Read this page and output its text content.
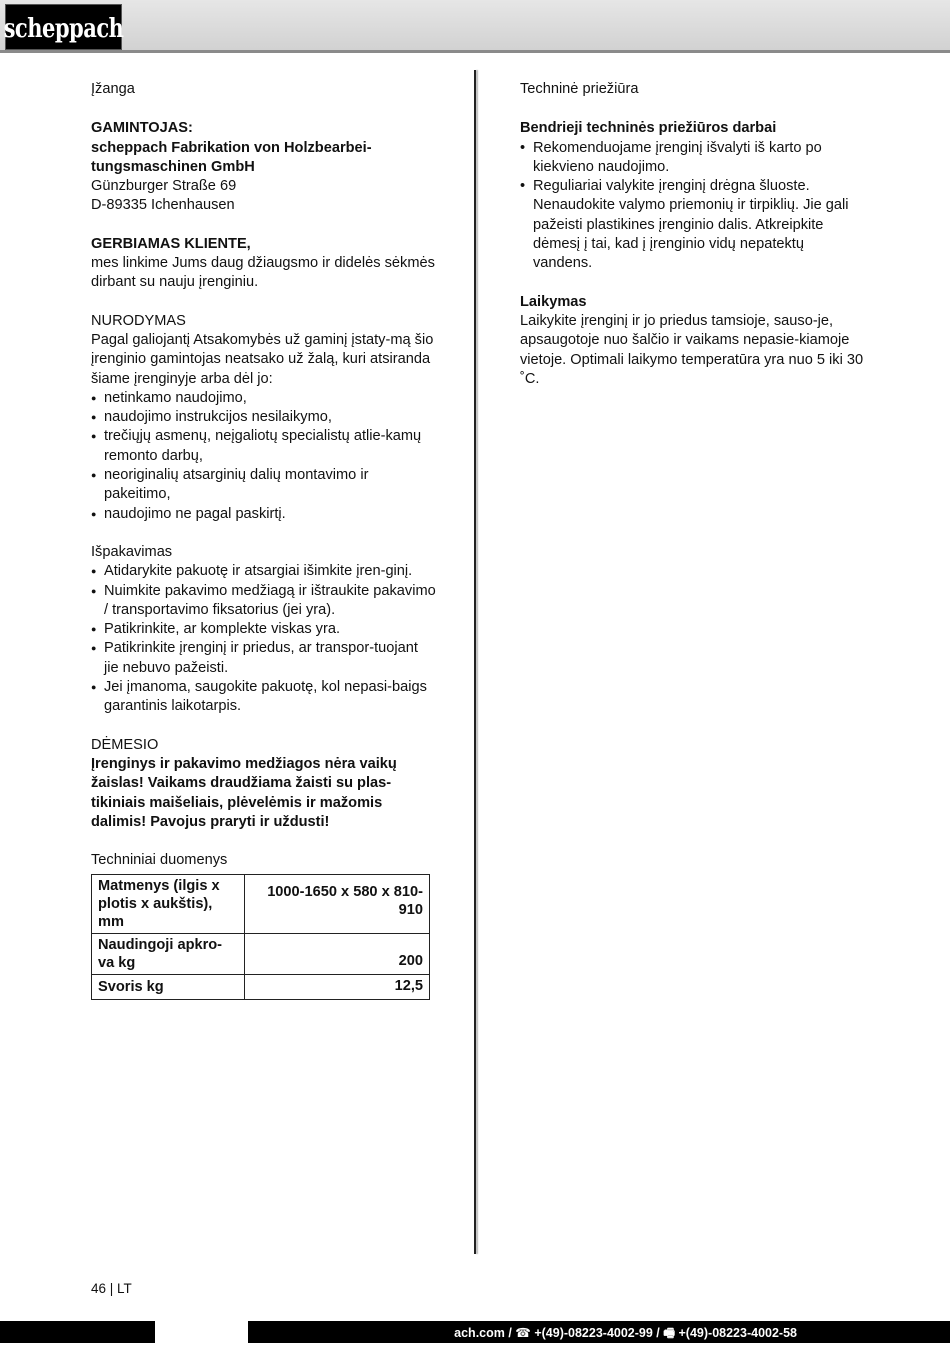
scheppach

Įžanga

GAMINTOJAS:

scheppach Fabrikation von Holzbearbei-

tungsmaschinen GmbH

Günzburger Straße 69

D-89335 Ichenhausen

GERBIAMAS KLIENTE,

mes linkime Jums daug džiaugsmo ir didelės sėkmės dirbant su nauju įrenginiu.

NURODYMAS

Pagal galiojantį Atsakomybės už gaminį įstaty-mą šio įrenginio gamintojas neatsako už žalą, kuri atsiranda šiame įrenginyje arba dėl jo:

netinkamo naudojimo,
naudojimo instrukcijos nesilaikymo,
trečiųjų asmenų, neįgaliotų specialistų atlie-kamų remonto darbų,
neoriginalių atsarginių dalių montavimo ir pakeitimo,
naudojimo ne pagal paskirtį.

Išpakavimas

Atidarykite pakuotę ir atsargiai išimkite įren-ginį.
Nuimkite pakavimo medžiagą ir ištraukite pakavimo / transportavimo fiksatorius (jei yra).
Patikrinkite, ar komplekte viskas yra.
Patikrinkite įrenginį ir priedus, ar transpor-tuojant jie nebuvo pažeisti.
Jei įmanoma, saugokite pakuotę, kol nepasi-baigs garantinis laikotarpis.

DĖMESIO

Įrenginys ir pakavimo medžiagos nėra vaikų žaislas! Vaikams draudžiama žaisti su plas-tikiniais maišeliais, plėvelėmis ir mažomis dalimis! Pavojus praryti ir uždusti!

Techniniai duomenys

Matmenys (ilgis x plotis x aukštis), mm	1000-1650 x 580 x 810-910
Naudingoji apkro-va kg	200
Svoris kg	12,5

Techninė priežiūra

Bendrieji techninės priežiūros darbai

• Rekomenduojame įrenginį išvalyti iš karto po kiekvieno naudojimo.
• Reguliariai valykite įrenginį drėgna šluoste. Nenaudokite valymo priemonių ir tirpiklių. Jie gali pažeisti plastikines įrenginio dalis. Atkreipkite dėmesį į tai, kad į įrenginio vidų nepatektų vandens.

Laikymas

Laikykite įrenginį ir jo priedus tamsioje, sauso-je, apsaugotoje nuo šalčio ir vaikams nepasie-kiamoje vietoje. Optimali laikymo temperatūra yra nuo 5 iki 30 ˚C.

46 | LT
ach.com / ☎ +(49)-08223-4002-99 / 🖷 +(49)-08223-4002-58
